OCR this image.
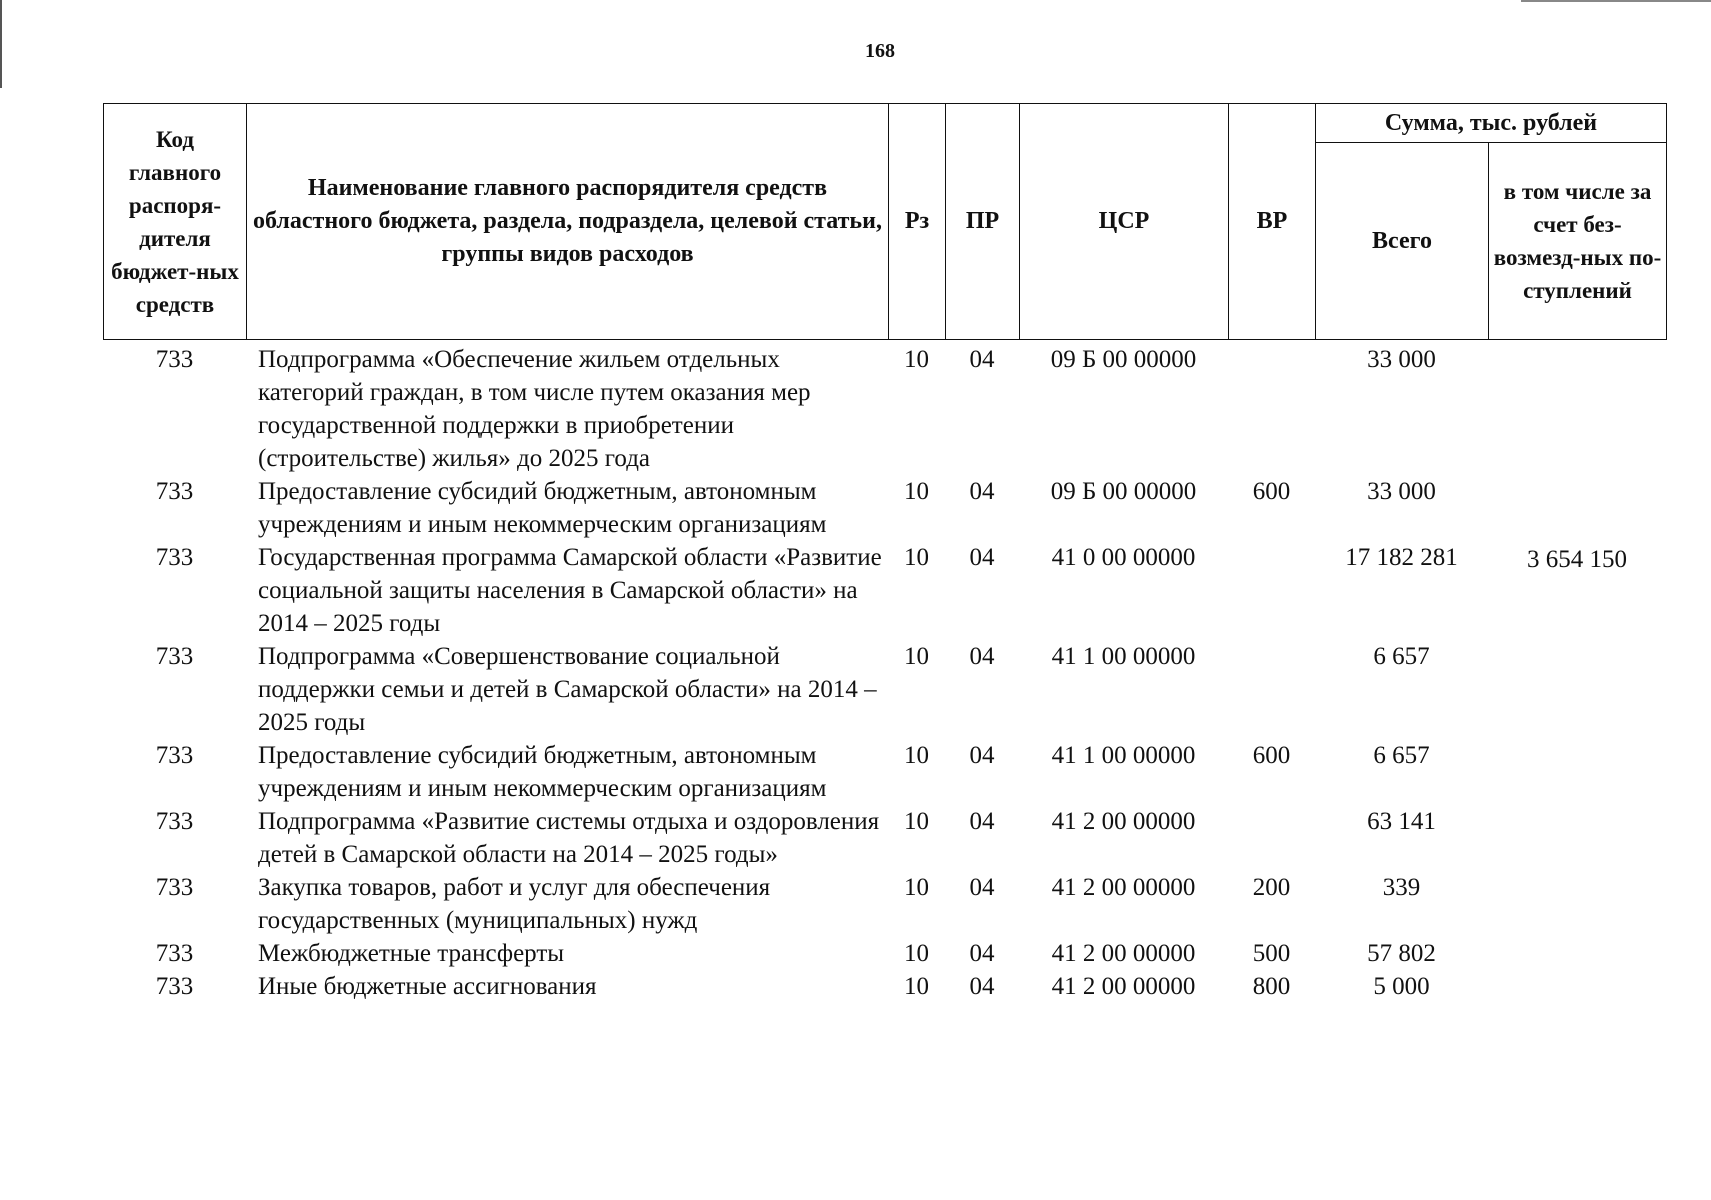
168
Код главного распоря-дителя бюджет-ных средств	Наименование главного распорядителя средств областного бюджета, раздела, подраздела, целевой статьи, группы видов расходов	Рз	ПР	ЦСР	ВР	Сумма, тыс. рублей	
						Всего	в том числе за счет без-возмезд-ных по-ступлений
733	Подпрограмма «Обеспечение жильем отдельных категорий граждан, в том числе путем оказания мер государственной поддержки в приобретении (строительстве) жилья» до 2025 года	10	04	09 Б 00 00000		33 000	
733	Предоставление субсидий бюджетным, автономным учреждениям и иным некоммерческим организациям	10	04	09 Б 00 00000	600	33 000	
733	Государственная программа Самарской области «Развитие социальной защиты населения в Самарской области» на 2014 – 2025 годы	10	04	41 0 00 00000		17 182 281	3 654 150
733	Подпрограмма «Совершенствование социальной поддержки семьи и детей в Самарской области» на 2014 – 2025 годы	10	04	41 1 00 00000		6 657	
733	Предоставление субсидий бюджетным, автономным учреждениям и иным некоммерческим организациям	10	04	41 1 00 00000	600	6 657	
733	Подпрограмма «Развитие системы отдыха и оздоровления детей в Самарской области на 2014 – 2025 годы»	10	04	41 2 00 00000		63 141	
733	Закупка товаров, работ и услуг для обеспечения государственных (муниципальных) нужд	10	04	41 2 00 00000	200	339	
733	Межбюджетные трансферты	10	04	41 2 00 00000	500	57 802	
733	Иные бюджетные ассигнования	10	04	41 2 00 00000	800	5 000	
